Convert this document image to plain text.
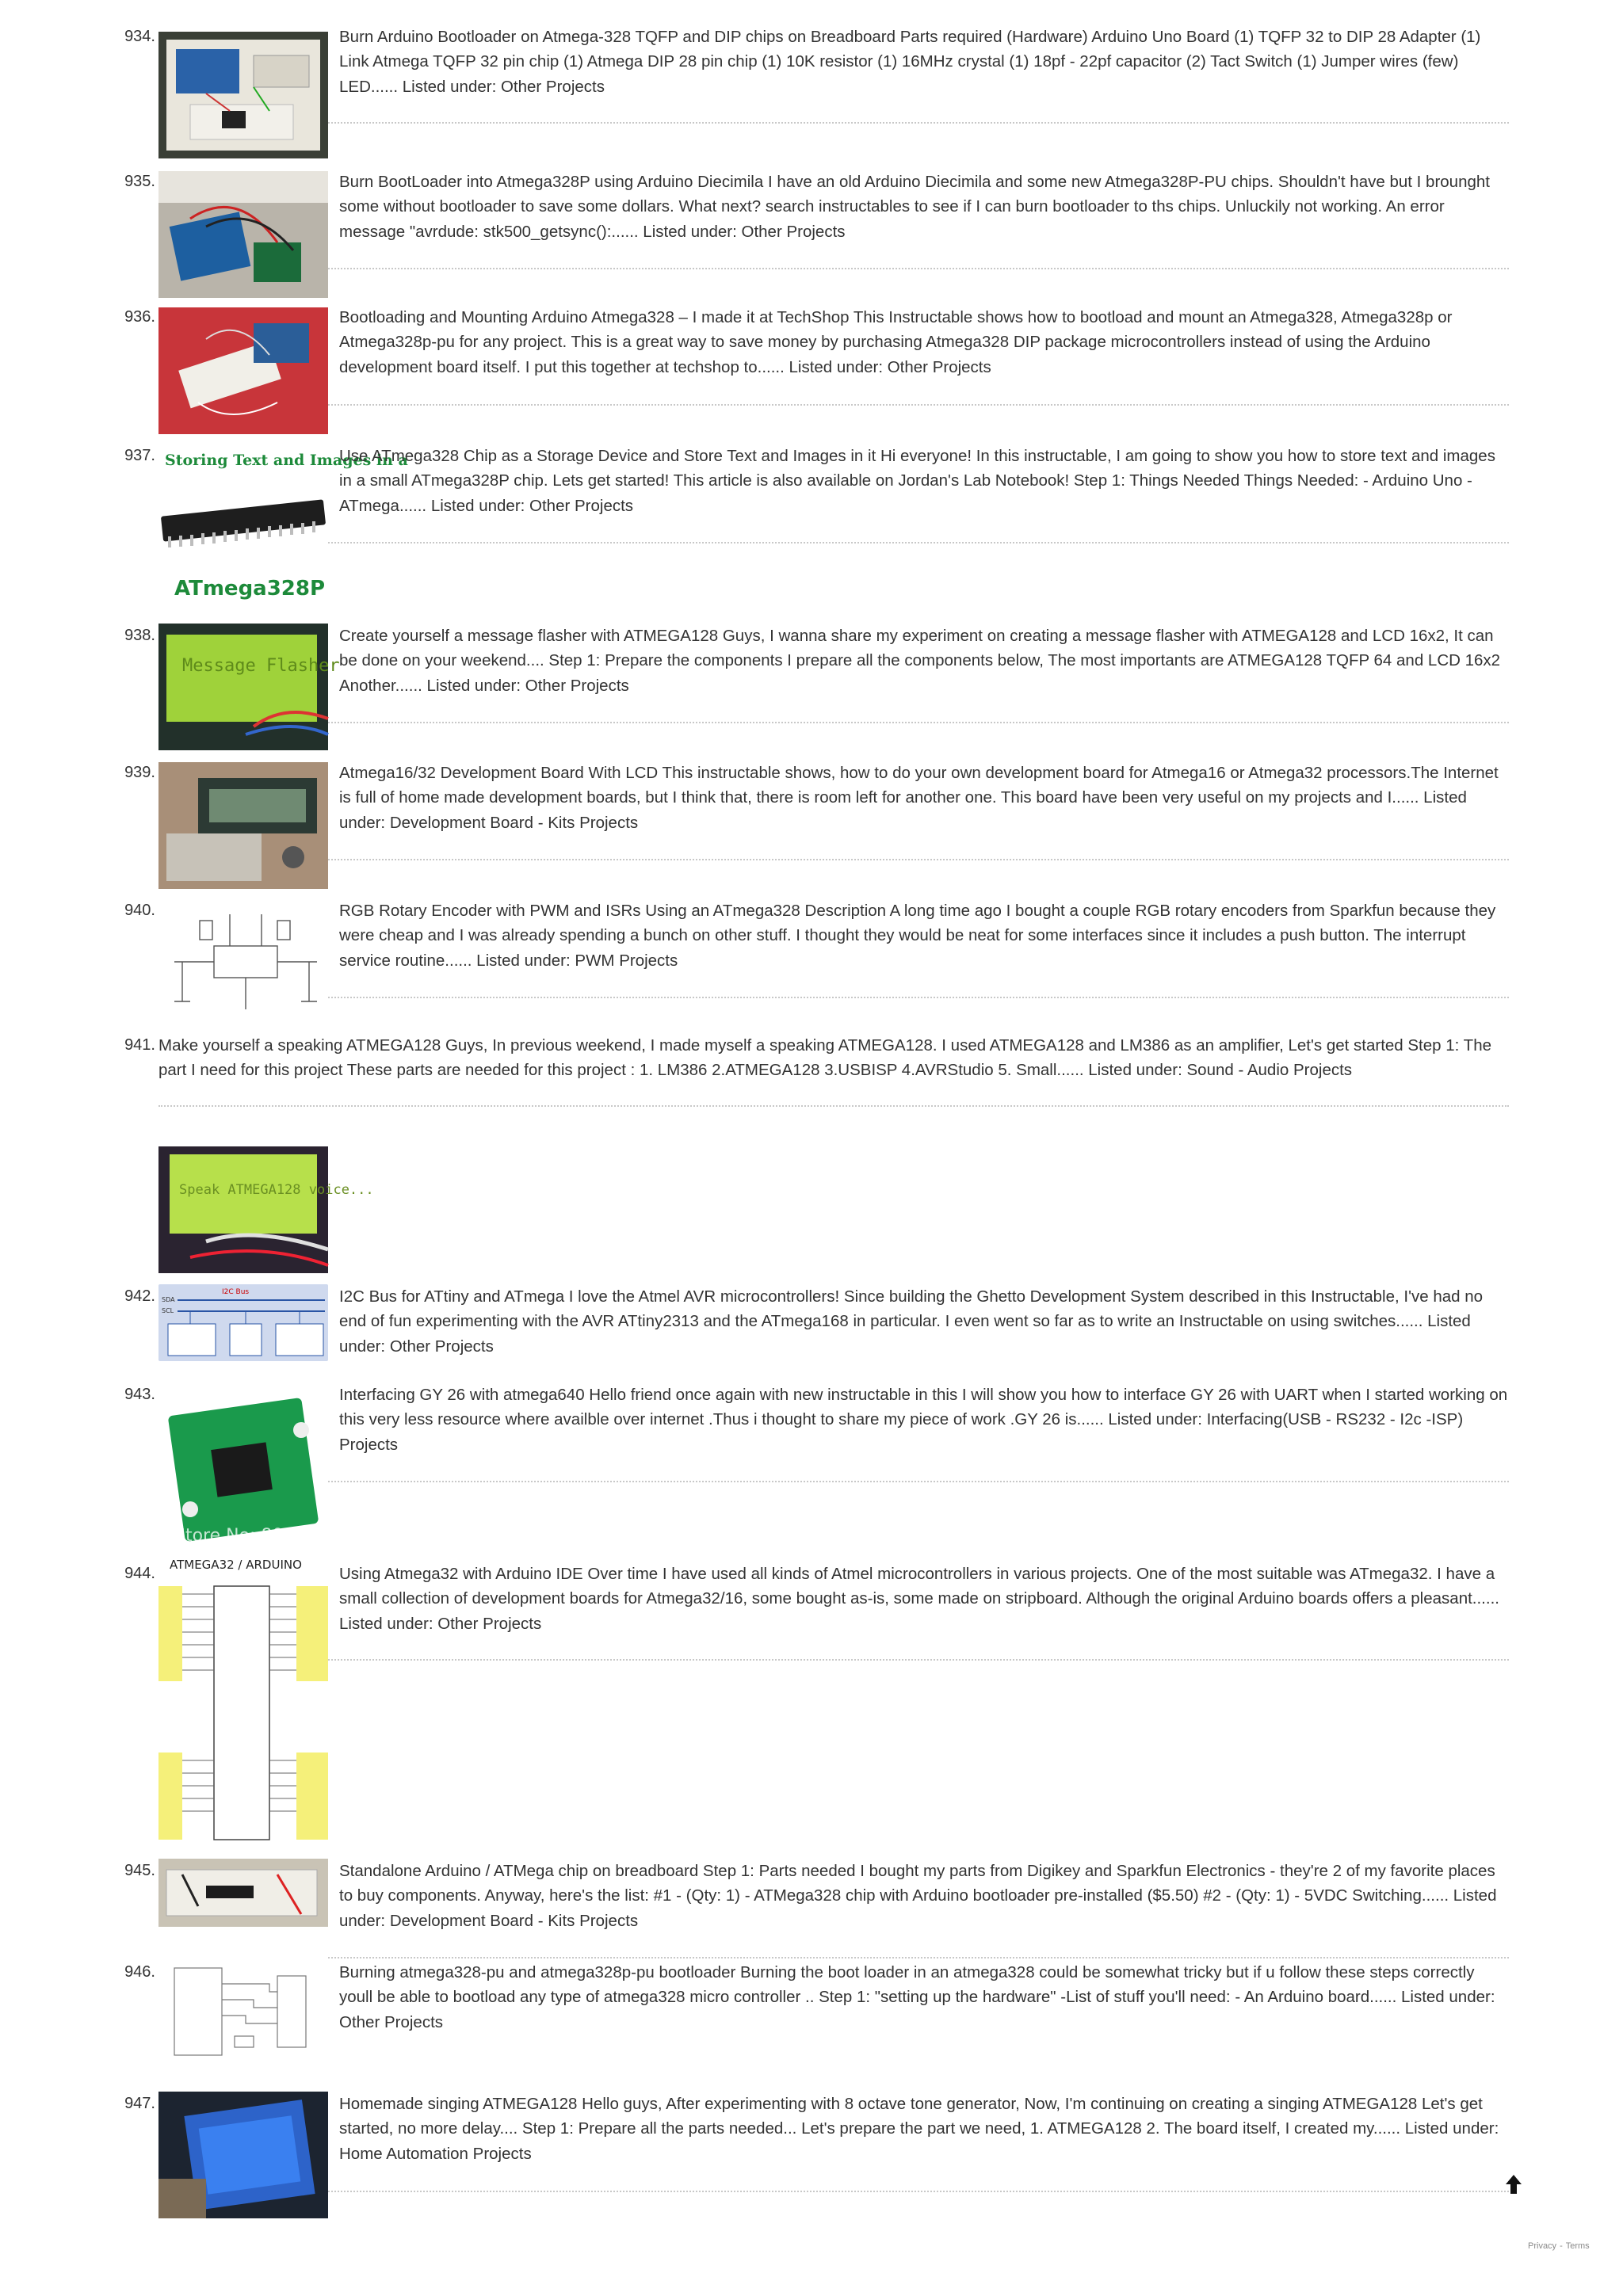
934.	Burn Arduino Bootloader on Atmega-328 TQFP and DIP chips on Breadboard Parts required (Hardware) Arduino Uno Board (1) TQFP 32 to DIP 28 Adapter (1) Link Atmega TQFP 32 pin chip (1) Atmega DIP 28 pin chip (1) 10K resistor (1) 16MHz crystal (1) 18pf - 22pf capacitor (2) Tact Switch (1) Jumper wires (few) LED...... Listed under: Other Projects
935.	Burn BootLoader into Atmega328P using Arduino Diecimila I have an old Arduino Diecimila and some new Atmega328P-PU chips. Shouldn't have but I brounght some without bootloader to save some dollars. What next? search instructables to see if I can burn bootloader to ths chips. Unluckily not working. An error message "avrdude: stk500_getsync():...... Listed under: Other Projects
936.	Bootloading and Mounting Arduino Atmega328 – I made it at TechShop This Instructable shows how to bootload and mount an Atmega328, Atmega328p or Atmega328p-pu for any project. This is a great way to save money by purchasing Atmega328 DIP package microcontrollers instead of using the Arduino development board itself. I put this together at techshop to...... Listed under: Other Projects
937. Storing Text and Images in a
ATmega328P
Use ATmega328 Chip as a Storage Device and Store Text and Images in it Hi everyone! In this instructable, I am going to show you how to store text and images in a small ATmega328P chip. Lets get started! This article is also available on Jordan's Lab Notebook! Step 1: Things Needed Things Needed: - Arduino Uno - ATmega...... Listed under: Other Projects
938.
Message Flasher
Create yourself a message flasher with ATMEGA128 Guys, I wanna share my experiment on creating a message flasher with ATMEGA128 and LCD 16x2, It can be done on your weekend.... Step 1: Prepare the components I prepare all the components below, The most importants are ATMEGA128 TQFP 64 and LCD 16x2 Another...... Listed under: Other Projects
939.	Atmega16/32 Development Board With LCD This instructable shows, how to do your own development board for Atmega16 or Atmega32 processors.The Internet is full of home made development boards, but I think that, there is room left for another one. This board have been very useful on my projects and I...... Listed under: Development Board - Kits Projects
940.	RGB Rotary Encoder with PWM and ISRs Using an ATmega328 Description A long time ago I bought a couple RGB rotary encoders from Sparkfun because they were cheap and I was already spending a bunch on other stuff. I thought they would be neat for some interfaces since it includes a push button. The interrupt service routine...... Listed under: PWM Projects
941. Make yourself a speaking ATMEGA128 Guys, In previous weekend, I made myself a speaking ATMEGA128. I used ATMEGA128 and LM386 as an amplifier, Let's get started Step 1: The part I need for this project These parts are needed for this project : 1. LM386 2.ATMEGA128 3.USBISP 4.AVRStudio 5. Small...... Listed under: Sound - Audio Projects
Speak ATMEGA128 voice...
942.	I2C Bus
SDA
SCL
I2C Bus for ATtiny and ATmega I love the Atmel AVR microcontrollers! Since building the Ghetto Development System described in this Instructable, I've had no end of fun experimenting with the AVR ATtiny2313 and the ATmega168 in particular. I even went so far as to write an Instructable on using switches...... Listed under: Other Projects
943.
Store No: 809630
Interfacing GY 26 with atmega640 Hello friend once again with new instructable in this I will show you how to interface GY 26 with UART when I started working on this very less resource where availble over internet .Thus i thought to share my piece of work .GY 26 is...... Listed under: Interfacing(USB - RS232 - I2c -ISP) Projects
944. ATMEGA32 / ARDUINO Using Atmega32 with Arduino IDE Over time I have used all kinds of Atmel microcontrollers in various projects. One of the most suitable was ATmega32. I have a small collection of development boards for Atmega32/16, some bought as-is, some made on stripboard. Although the original Arduino boards offers a pleasant...... Listed under: Other Projects
945.	Standalone Arduino / ATMega chip on breadboard Step 1: Parts needed I bought my parts from Digikey and Sparkfun Electronics - they're 2 of my favorite places to buy components. Anyway, here's the list: #1 - (Qty: 1) - ATMega328 chip with Arduino bootloader pre-installed ($5.50) #2 - (Qty: 1) - 5VDC Switching...... Listed under: Development Board - Kits Projects
946.	Burning atmega328-pu and atmega328p-pu bootloader Burning the boot loader in an atmega328 could be somewhat tricky but if u follow these steps correctly youll be able to bootload any type of atmega328 micro controller .. Step 1: "setting up the hardware" -List of stuff you'll need: - An Arduino board...... Listed under: Other Projects
947.	Homemade singing ATMEGA128 Hello guys, After experimenting with 8 octave tone generator, Now, I'm continuing on creating a singing ATMEGA128 Let's get started, no more delay.... Step 1: Prepare all the parts needed... Let's prepare the part we need, 1. ATMEGA128 2. The board itself, I created my...... Listed under: Home Automation Projects
Privacy - Terms
